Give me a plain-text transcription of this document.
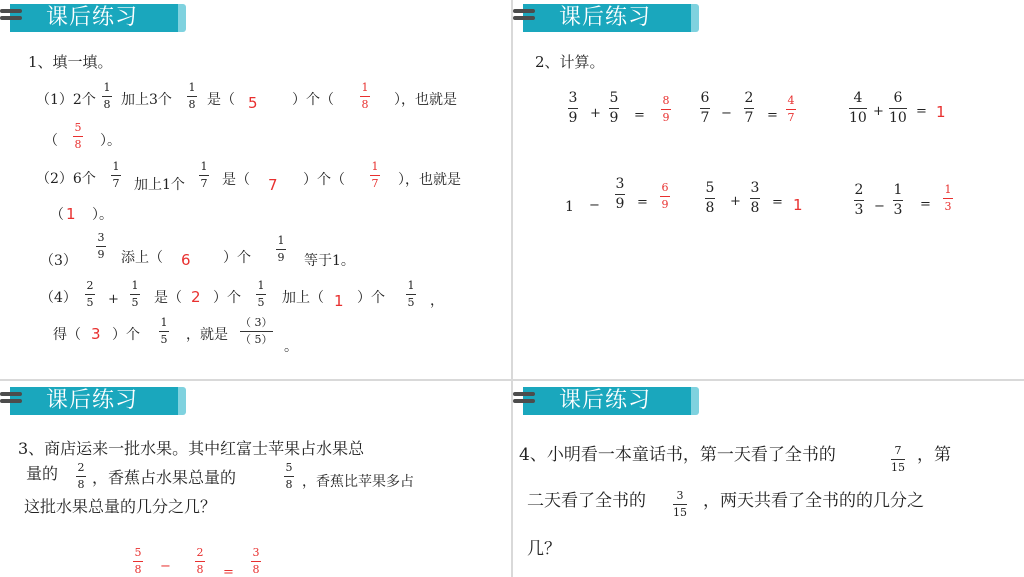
课后练习
1、填一填。
（1）2个
1
8 加上3个
1
8 是（ 5 ）个（
1
8 ），也就是
（
5
8 ）。
（2）6个
1
7 加上1个
1
7 是（ 7 ）个（
1
7 ），也就是
（ 1 ）。
（3）
3
9 添上（ 6 ）个
1
9 等于1。
（4）
2
5 +
1
5 是（ 2 ）个
1
5 加上（ 1 ）个
1
5 ，
得（ 3 ）个
1
5 ，就是
（ 3）
（ 5） 。
课后练习
2、计算。
3
9 +
5
9 =
8
9
6
7 −
2
7 =
4
7
4
10 +
6
10 = 1
1 −
3
9 =
6
9
5
8 +
3
8 = 1
2
3 −
1
3 =
1
3
课后练习
3、商店运来一批水果。其中红富士苹果占水果总
量的 2
8 ，香蕉占水果总量的
5
8 ，香蕉比苹果多占
这批水果总量的几分之几？
5
8 −
2
8 =
3
8
课后练习
4、小明看一本童话书，第一天看了全书的	7
15
，第
二天看了全书的	3
15
，两天共看了全书的的几分之
几？
